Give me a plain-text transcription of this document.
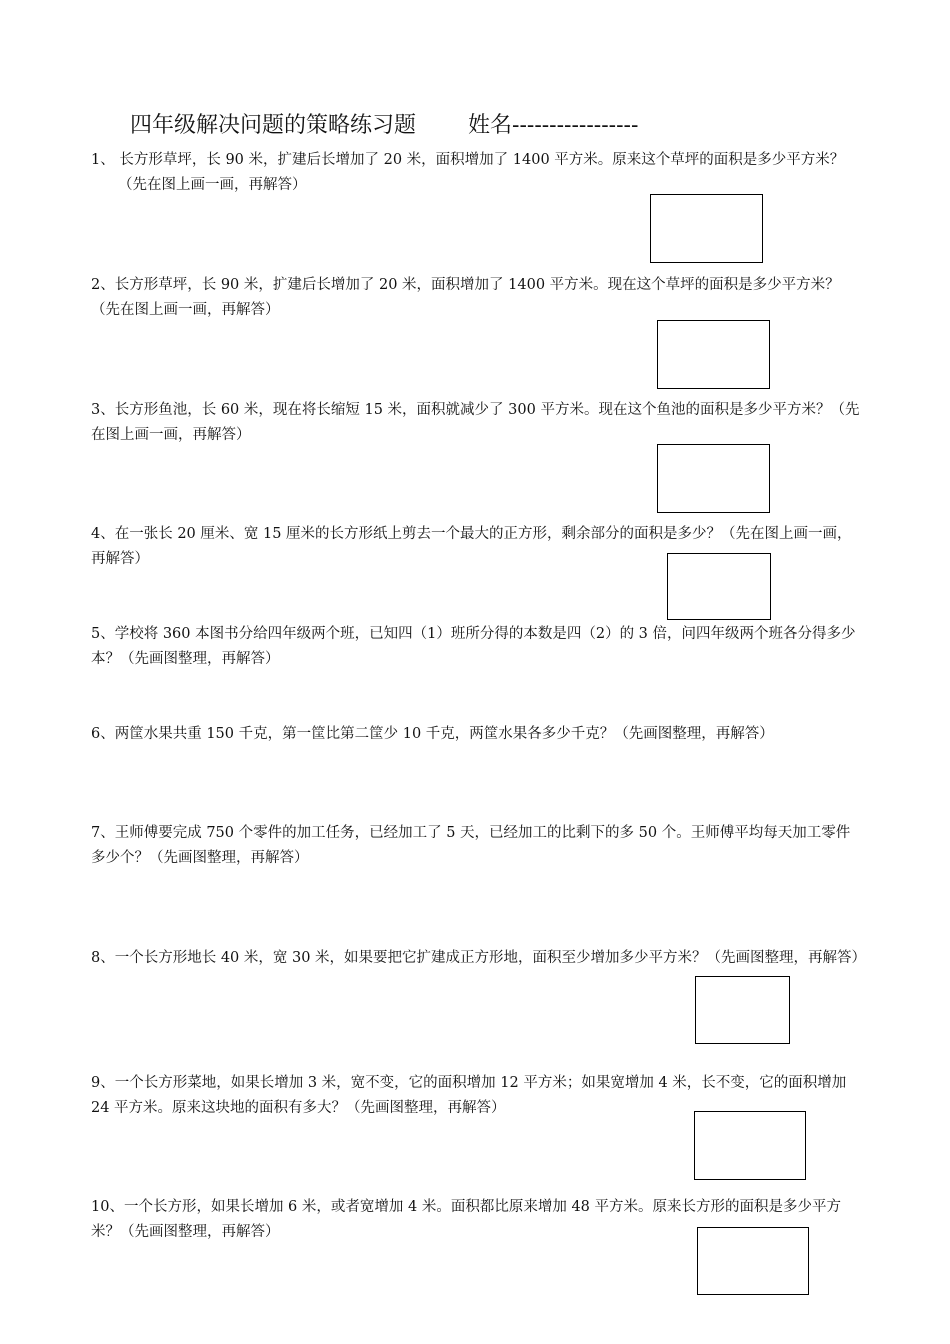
四年级解决问题的策略练习题 姓名-----------------
1、 长方形草坪，长 90 米，扩建后长增加了 20 米，面积增加了 1400 平方米。原来这个草坪的面积是多少平方米？（先在图上画一画，再解答）
2、长方形草坪，长 90 米，扩建后长增加了 20 米，面积增加了 1400 平方米。现在这个草坪的面积是多少平方米？（先在图上画一画，再解答）
3、长方形鱼池，长 60 米，现在将长缩短 15 米，面积就减少了 300 平方米。现在这个鱼池的面积是多少平方米？（先在图上画一画，再解答）
4、在一张长 20 厘米、宽 15 厘米的长方形纸上剪去一个最大的正方形，剩余部分的面积是多少？（先在图上画一画，再解答）
5、学校将 360 本图书分给四年级两个班，已知四（1）班所分得的本数是四（2）的 3 倍，问四年级两个班各分得多少本？（先画图整理，再解答）
6、两筐水果共重 150 千克，第一筐比第二筐少 10 千克，两筐水果各多少千克？（先画图整理，再解答）
7、王师傅要完成 750 个零件的加工任务，已经加工了 5 天，已经加工的比剩下的多 50 个。王师傅平均每天加工零件多少个？（先画图整理，再解答）
8、一个长方形地长 40 米，宽 30 米，如果要把它扩建成正方形地，面积至少增加多少平方米？（先画图整理，再解答）
9、一个长方形菜地，如果长增加 3 米，宽不变，它的面积增加 12 平方米；如果宽增加 4 米，长不变，它的面积增加 24 平方米。原来这块地的面积有多大？（先画图整理，再解答）
10、一个长方形，如果长增加 6 米，或者宽增加 4 米。面积都比原来增加 48 平方米。原来长方形的面积是多少平方米？（先画图整理，再解答）
